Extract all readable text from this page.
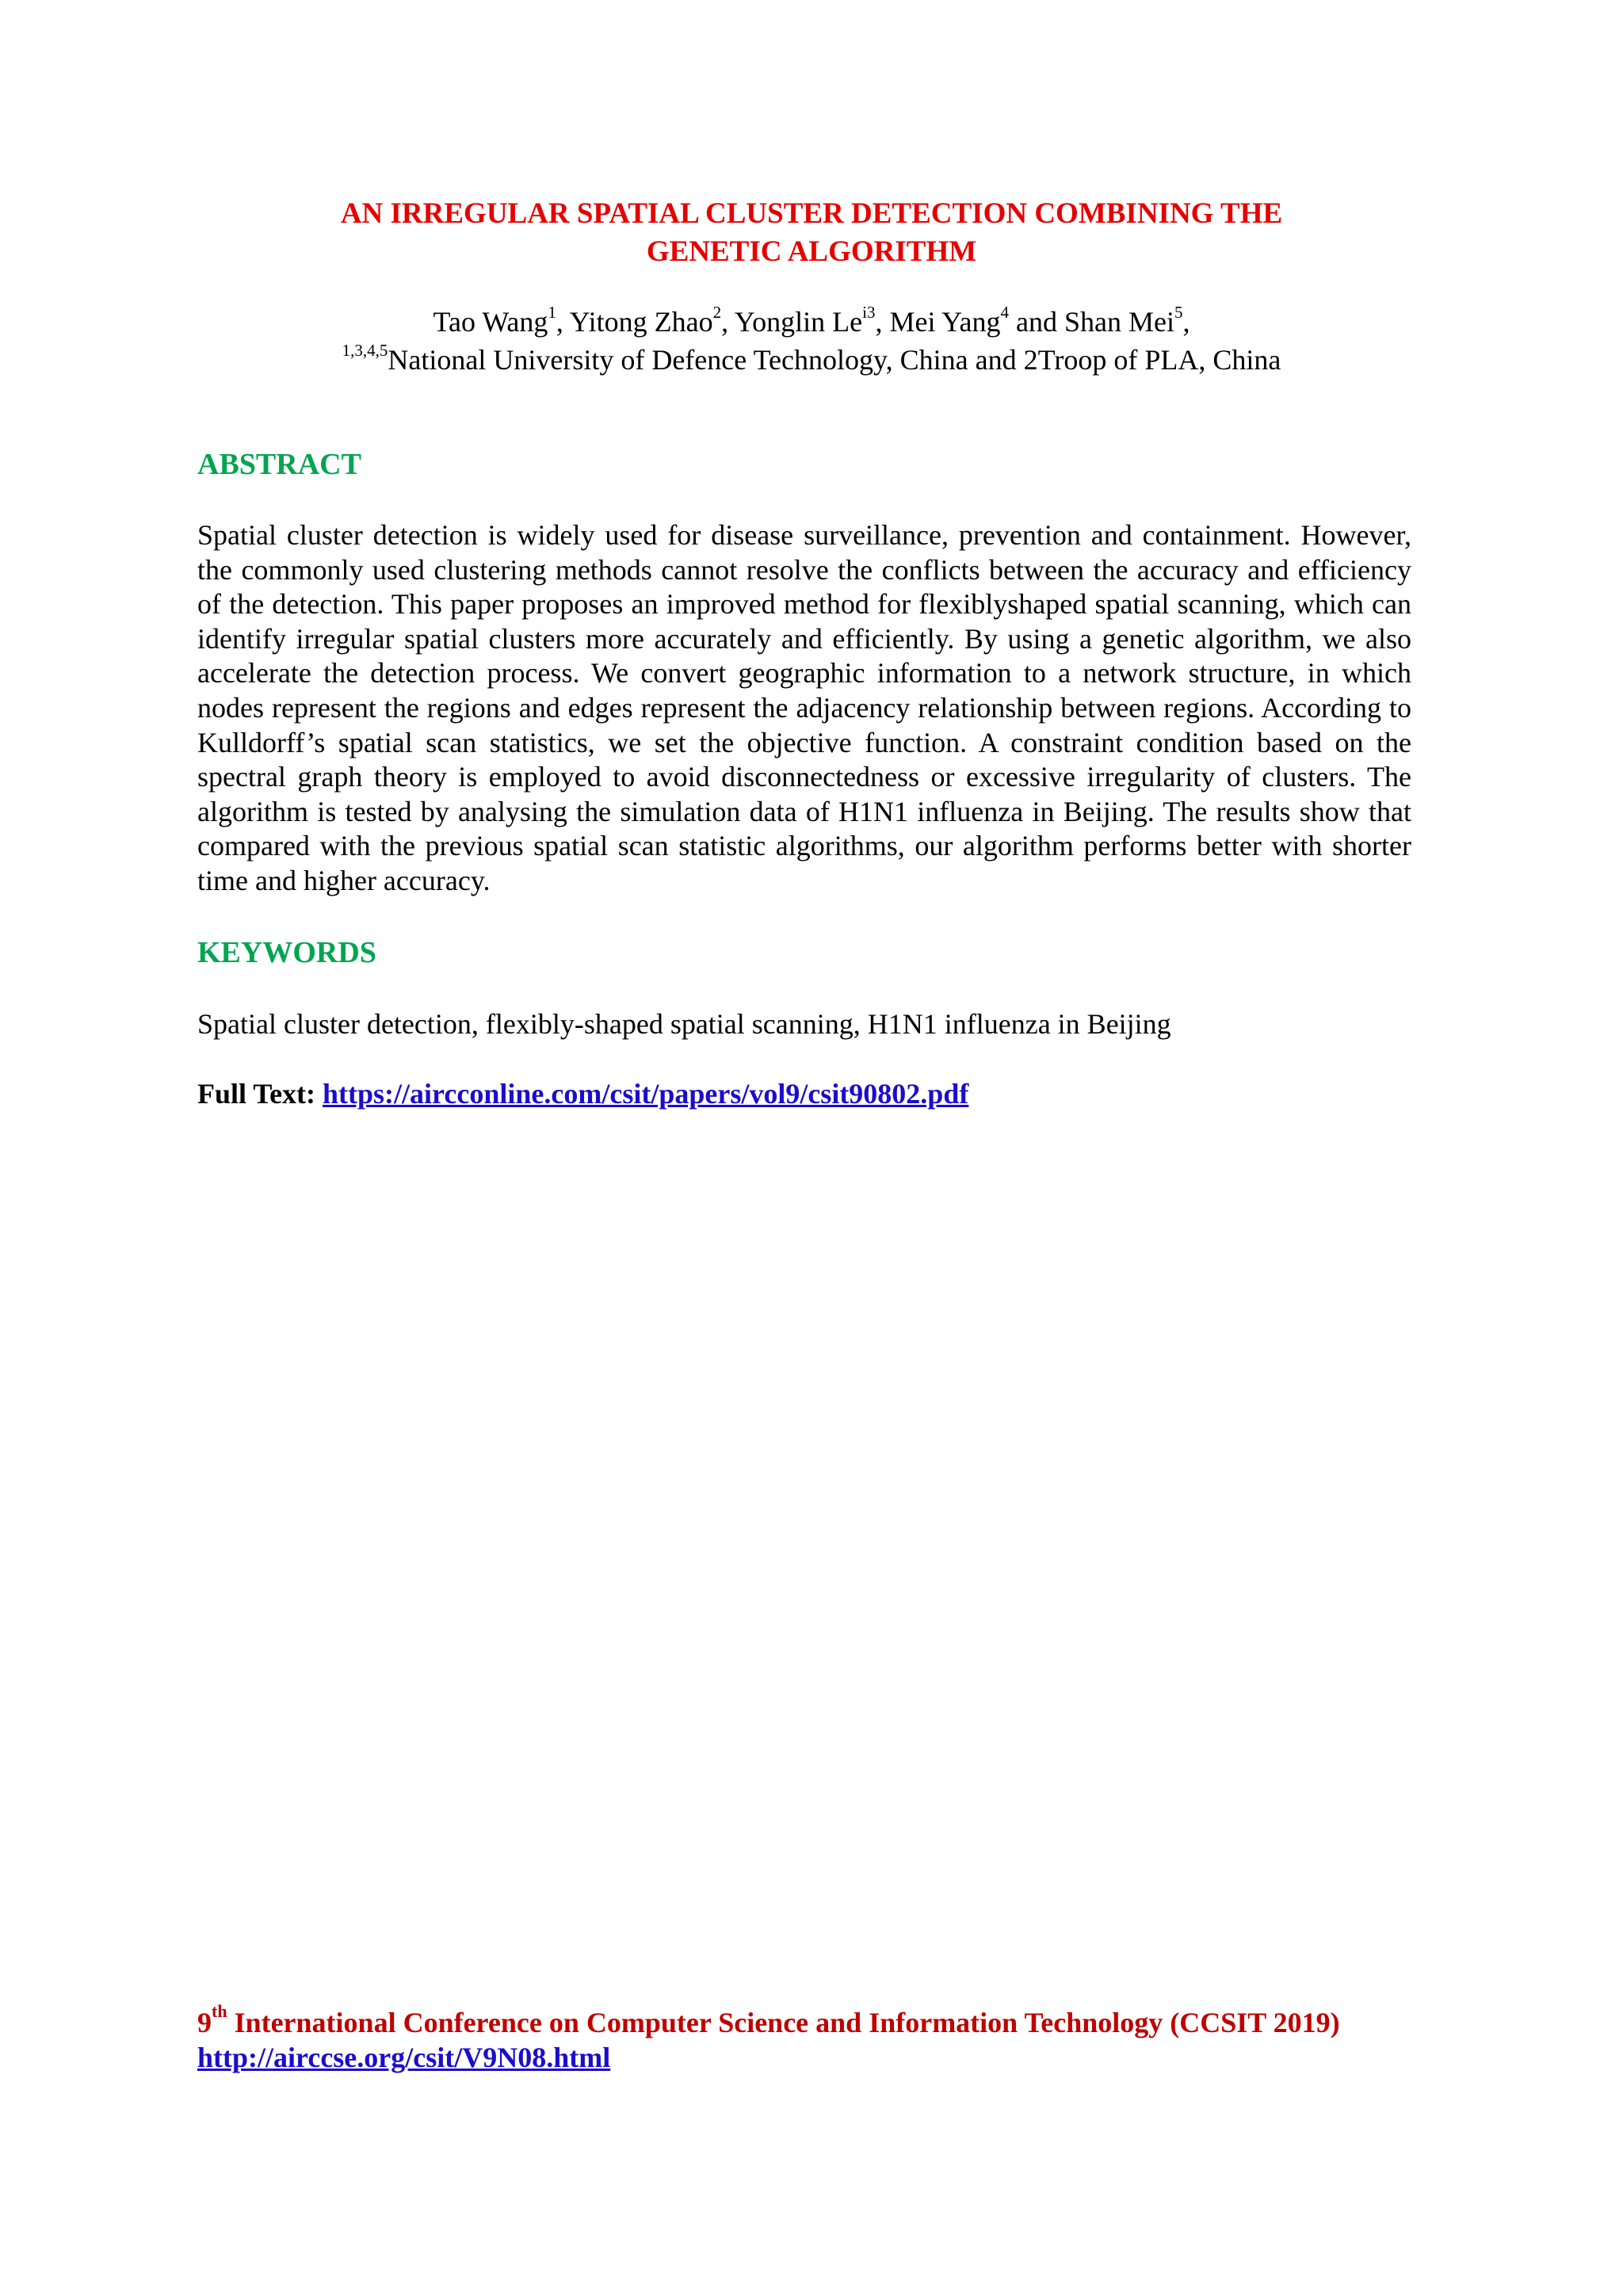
AN IRREGULAR SPATIAL CLUSTER DETECTION COMBINING THE
GENETIC ALGORITHM
Tao Wang$^1$, Yitong Zhao$^2$, Yonglin $Le^{i3}$, Mei Yang$^4$ and Shan Mei$^5$,
$^{1,3,4,5}$National University of Defence Technology, China and 2Troop of PLA, China
ABSTRACT
Spatial cluster detection is widely used for disease surveillance, prevention and containment. However, the commonly used clustering methods cannot resolve the conflicts between the accuracy and efficiency of the detection. This paper proposes an improved method for flexiblyshaped spatial scanning, which can identify irregular spatial clusters more accurately and efficiently. By using a genetic algorithm, we also accelerate the detection process. We convert geographic information to a network structure, in which nodes represent the regions and edges represent the adjacency relationship between regions. According to Kulldorff’s spatial scan statistics, we set the objective function. A constraint condition based on the spectral graph theory is employed to avoid disconnectedness or excessive irregularity of clusters. The algorithm is tested by analysing the simulation data of H1N1 influenza in Beijing. The results show that compared with the previous spatial scan statistic algorithms, our algorithm performs better with shorter time and higher accuracy.
KEYWORDS
Spatial cluster detection, flexibly-shaped spatial scanning, H1N1 influenza in Beijing
Full Text: https://aircconline.com/csit/papers/vol9/csit90802.pdf
9th International Conference on Computer Science and Information Technology (CCSIT 2019)
http://airccse.org/csit/V9N08.html
